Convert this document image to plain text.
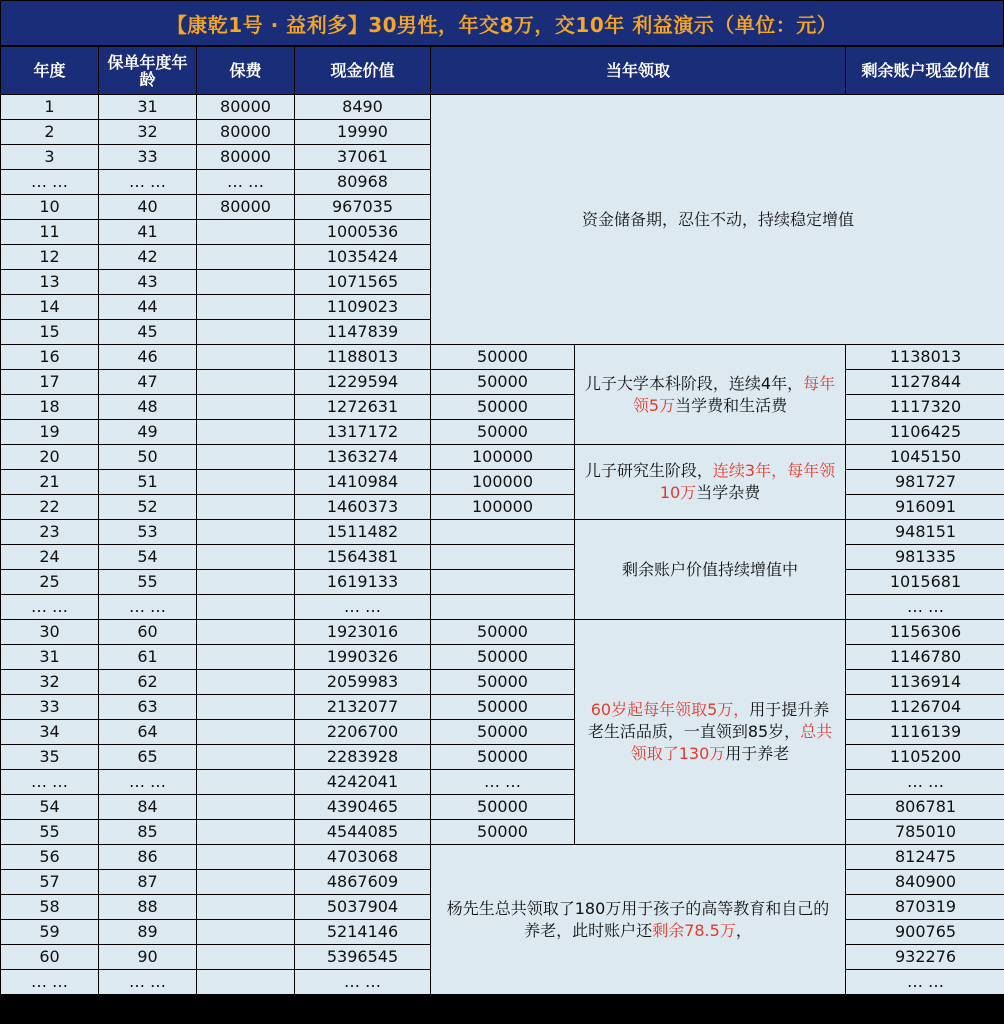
【康乾1号 · 益利多】30男性，年交8万，交10年 利益演示（单位：元）
年度	保单年度年龄	保费	现金价值	当年领取		剩余账户现金价值
1	31	80000	8490	资金储备期，忍住不动，持续稳定增值		
2	32	80000	19990			
3	33	80000	37061			
… …	… …	… …	80968			
10	40	80000	967035			
11	41		1000536			
12	42		1035424			
13	43		1071565			
14	44		1109023			
15	45		1147839			
16	46		1188013	50000	儿子大学本科阶段，连续4年，每年领5万当学费和生活费	1138013
17	47		1229594	50000		1127844
18	48		1272631	50000		1117320
19	49		1317172	50000		1106425
20	50		1363274	100000	儿子研究生阶段，连续3年，每年领10万当学杂费	1045150
21	51		1410984	100000		981727
22	52		1460373	100000		916091
23	53		1511482		剩余账户价值持续增值中	948151
24	54		1564381			981335
25	55		1619133			1015681
… …	… …		… …			… …
30	60		1923016	50000	60岁起每年领取5万，用于提升养老生活品质，一直领到85岁，总共领取了130万用于养老	1156306
31	61		1990326	50000		1146780
32	62		2059983	50000		1136914
33	63		2132077	50000		1126704
34	64		2206700	50000		1116139
35	65		2283928	50000		1105200
… …	… …		4242041	… …		… …
54	84		4390465	50000		806781
55	85		4544085	50000		785010
56	86		4703068	杨先生总共领取了180万用于孩子的高等教育和自己的养老，此时账户还剩余78.5万，		812475
57	87		4867609			840900
58	88		5037904			870319
59	89		5214146			900765
60	90		5396545			932276
… …	… …		… …			… …
